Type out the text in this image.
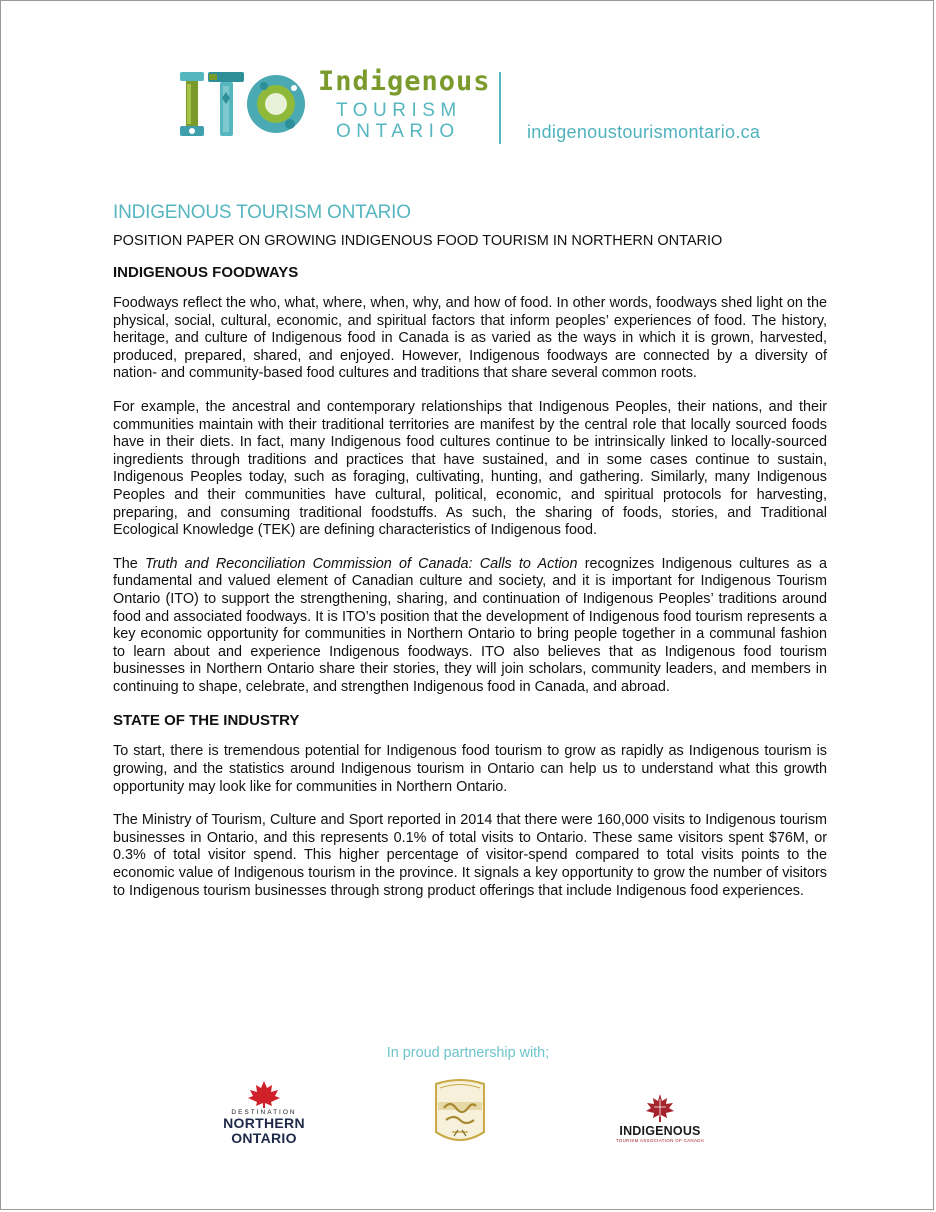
Indigenous
TOURISM
ONTARIO	indigenoustourismontario.ca
INDIGENOUS TOURISM ONTARIO
POSITION PAPER ON GROWING INDIGENOUS FOOD TOURISM IN NORTHERN ONTARIO
INDIGENOUS FOODWAYS

Foodways reflect the who, what, where, when, why, and how of food. In other words, foodways shed light on the physical, social, cultural, economic, and spiritual factors that inform peoples’ experiences of food. The history, heritage, and culture of Indigenous food in Canada is as varied as the ways in which it is grown, harvested, produced, prepared, shared, and enjoyed. However, Indigenous foodways are connected by a diversity of nation- and community-based food cultures and traditions that share several common roots.

For example, the ancestral and contemporary relationships that Indigenous Peoples, their nations, and their communities maintain with their traditional territories are manifest by the central role that locally sourced foods have in their diets. In fact, many Indigenous food cultures continue to be intrinsically linked to locally-sourced ingredients through traditions and practices that have sustained, and in some cases continue to sustain, Indigenous Peoples today, such as foraging, cultivating, hunting, and gathering. Similarly, many Indigenous Peoples and their communities have cultural, political, economic, and spiritual protocols for harvesting, preparing, and consuming traditional foodstuffs. As such, the sharing of foods, stories, and Traditional Ecological Knowledge (TEK) are defining characteristics of Indigenous food.

The Truth and Reconciliation Commission of Canada: Calls to Action recognizes Indigenous cultures as a fundamental and valued element of Canadian culture and society, and it is important for Indigenous Tourism Ontario (ITO) to support the strengthening, sharing, and continuation of Indigenous Peoples’ traditions around food and associated foodways. It is ITO’s position that the development of Indigenous food tourism represents a key economic opportunity for communities in Northern Ontario to bring people together in a communal fashion to learn about and experience Indigenous foodways. ITO also believes that as Indigenous food tourism businesses in Northern Ontario share their stories, they will join scholars, community leaders, and members in continuing to shape, celebrate, and strengthen Indigenous food in Canada, and abroad.

STATE OF THE INDUSTRY

To start, there is tremendous potential for Indigenous food tourism to grow as rapidly as Indigenous tourism is growing, and the statistics around Indigenous tourism in Ontario can help us to understand what this growth opportunity may look like for communities in Northern Ontario.

The Ministry of Tourism, Culture and Sport reported in 2014 that there were 160,000 visits to Indigenous tourism businesses in Ontario, and this represents 0.1% of total visits to Ontario. These same visitors spent $76M, or 0.3% of total visitor spend. This higher percentage of visitor-spend compared to total visits points to the economic value of Indigenous tourism in the province. It signals a key opportunity to grow the number of visitors to Indigenous tourism businesses through strong product offerings that include Indigenous food experiences.

In proud partnership with;
DESTINATION
NORTHERN
ONTARIO	INDIGENOUS
TOURISM ASSOCIATION OF CANADA
